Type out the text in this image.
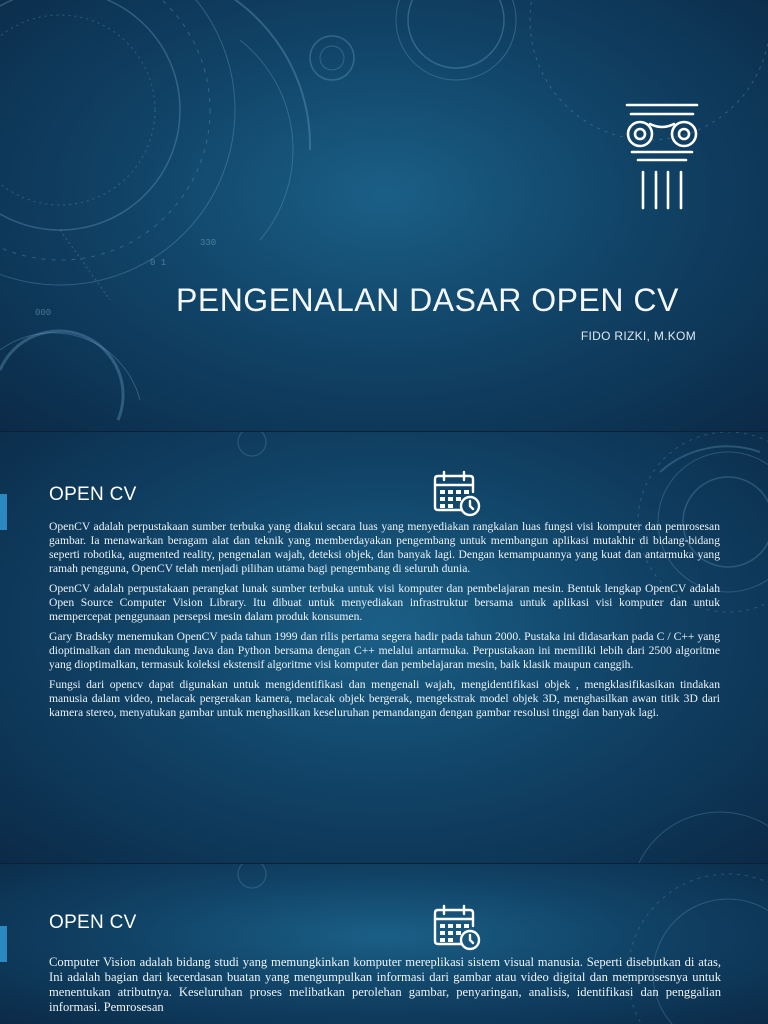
000
0 1
330
PENGENALAN DASAR OPEN CV
FIDO RIZKI, M.KOM
OPEN CV

OpenCV adalah perpustakaan sumber terbuka yang diakui secara luas yang menyediakan rangkaian luas fungsi visi komputer dan pemrosesan gambar. Ia menawarkan beragam alat dan teknik yang memberdayakan pengembang untuk membangun aplikasi mutakhir di bidang-bidang seperti robotika, augmented reality, pengenalan wajah, deteksi objek, dan banyak lagi. Dengan kemampuannya yang kuat dan antarmuka yang ramah pengguna, OpenCV telah menjadi pilihan utama bagi pengembang di seluruh dunia.

OpenCV adalah perpustakaan perangkat lunak sumber terbuka untuk visi komputer dan pembelajaran mesin. Bentuk lengkap OpenCV adalah Open Source Computer Vision Library. Itu dibuat untuk menyediakan infrastruktur bersama untuk aplikasi visi komputer dan untuk mempercepat penggunaan persepsi mesin dalam produk konsumen.

Gary Bradsky menemukan OpenCV pada tahun 1999 dan rilis pertama segera hadir pada tahun 2000. Pustaka ini didasarkan pada C / C++ yang dioptimalkan dan mendukung Java dan Python bersama dengan C++ melalui antarmuka. Perpustakaan ini memiliki lebih dari 2500 algoritme yang dioptimalkan, termasuk koleksi ekstensif algoritme visi komputer dan pembelajaran mesin, baik klasik maupun canggih.

Fungsi dari opencv dapat digunakan untuk mengidentifikasi dan mengenali wajah, mengidentifikasi objek , mengklasifikasikan tindakan manusia dalam video, melacak pergerakan kamera, melacak objek bergerak, mengekstrak model objek 3D, menghasilkan awan titik 3D dari kamera stereo, menyatukan gambar untuk menghasilkan keseluruhan pemandangan dengan gambar resolusi tinggi dan banyak lagi.

OPEN CV

Computer Vision adalah bidang studi yang memungkinkan komputer mereplikasi sistem visual manusia. Seperti disebutkan di atas, Ini adalah bagian dari kecerdasan buatan yang mengumpulkan informasi dari gambar atau video digital dan memprosesnya untuk menentukan atributnya. Keseluruhan proses melibatkan perolehan gambar, penyaringan, analisis, identifikasi dan penggalian informasi. Pemrosesan
